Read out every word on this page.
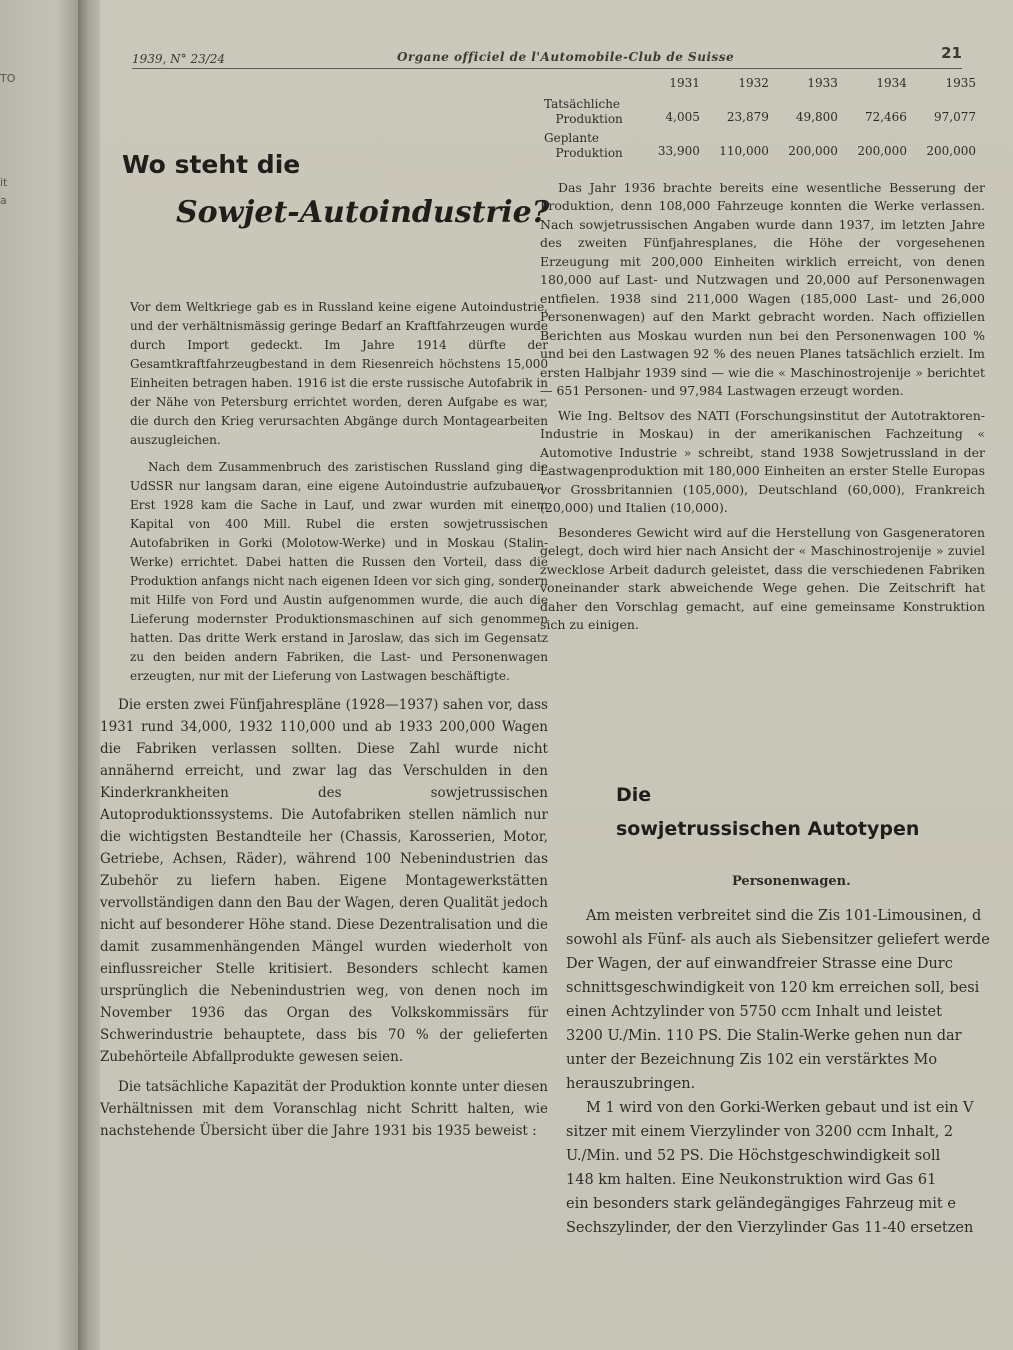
TO
it
a
1939, N° 23/24	Organe officiel de l'Automobile-Club de Suisse	21
Wo steht die
Sowjet-Autoindustrie?

Vor dem Weltkriege gab es in Russland keine eigene Autoindustrie, und der verhältnismässig geringe Bedarf an Kraftfahrzeugen wurde durch Import gedeckt. Im Jahre 1914 dürfte der Gesamtkraftfahrzeugbestand in dem Riesenreich höchstens 15,000 Einheiten betragen haben. 1916 ist die erste russische Autofabrik in der Nähe von Petersburg errichtet worden, deren Aufgabe es war, die durch den Krieg verursachten Abgänge durch Montagearbeiten auszugleichen.

Nach dem Zusammenbruch des zaristischen Russland ging die UdSSR nur langsam daran, eine eigene Autoindustrie aufzubauen. Erst 1928 kam die Sache in Lauf, und zwar wurden mit einem Kapital von 400 Mill. Rubel die ersten sowjetrussischen Autofabriken in Gorki (Molotow-Werke) und in Moskau (Stalin-Werke) errichtet. Dabei hatten die Russen den Vorteil, dass die Produktion anfangs nicht nach eigenen Ideen vor sich ging, sondern mit Hilfe von Ford und Austin aufgenommen wurde, die auch die Lieferung modernster Produktionsmaschinen auf sich genommen hatten. Das dritte Werk erstand in Jaroslaw, das sich im Gegensatz zu den beiden andern Fabriken, die Last- und Personenwagen erzeugten, nur mit der Lieferung von Lastwagen beschäftigte.

Die ersten zwei Fünfjahrespläne (1928—1937) sahen vor, dass 1931 rund 34,000, 1932 110,000 und ab 1933 200,000 Wagen die Fabriken verlassen sollten. Diese Zahl wurde nicht annähernd erreicht, und zwar lag das Verschulden in den Kinderkrankheiten des sowjetrussischen Autoproduktionssystems. Die Autofabriken stellen nämlich nur die wichtigsten Bestandteile her (Chassis, Karosserien, Motor, Getriebe, Achsen, Räder), während 100 Nebenindustrien das Zubehör zu liefern haben. Eigene Montagewerkstätten vervollständigen dann den Bau der Wagen, deren Qualität jedoch nicht auf besonderer Höhe stand. Diese Dezentralisation und die damit zusammenhängenden Mängel wurden wiederholt von einflussreicher Stelle kritisiert. Besonders schlecht kamen ursprünglich die Nebenindustrien weg, von denen noch im November 1936 das Organ des Volkskommissärs für Schwerindustrie behauptete, dass bis 70 % der gelieferten Zubehörteile Abfallprodukte gewesen seien.

Die tatsächliche Kapazität der Produktion konnte unter diesen Verhältnissen mit dem Voranschlag nicht Schritt halten, wie nachstehende Übersicht über die Jahre 1931 bis 1935 beweist :

	1931	1932	1933	1934	1935
Tatsächliche
Produktion	4,005	23,879	49,800	72,466	97,077
Geplante
Produktion	33,900	110,000	200,000	200,000	200,000

Das Jahr 1936 brachte bereits eine wesentliche Besserung der Produktion, denn 108,000 Fahrzeuge konnten die Werke verlassen. Nach sowjetrussischen Angaben wurde dann 1937, im letzten Jahre des zweiten Fünfjahresplanes, die Höhe der vorgesehenen Erzeugung mit 200,000 Einheiten wirklich erreicht, von denen 180,000 auf Last- und Nutzwagen und 20,000 auf Personenwagen entfielen. 1938 sind 211,000 Wagen (185,000 Last- und 26,000 Personenwagen) auf den Markt gebracht worden. Nach offiziellen Berichten aus Moskau wurden nun bei den Personenwagen 100 % und bei den Lastwagen 92 % des neuen Planes tatsächlich erzielt. Im ersten Halbjahr 1939 sind — wie die « Maschinostrojenije » berichtet — 651 Personen- und 97,984 Lastwagen erzeugt worden.

Wie Ing. Beltsov des NATI (Forschungsinstitut der Autotraktoren-Industrie in Moskau) in der amerikanischen Fachzeitung « Automotive Industrie » schreibt, stand 1938 Sowjetrussland in der Lastwagenproduktion mit 180,000 Einheiten an erster Stelle Europas vor Grossbritannien (105,000), Deutschland (60,000), Frankreich (20,000) und Italien (10,000).

Besonderes Gewicht wird auf die Herstellung von Gasgeneratoren gelegt, doch wird hier nach Ansicht der « Maschinostrojenije » zuviel zwecklose Arbeit dadurch geleistet, dass die verschiedenen Fabriken voneinander stark abweichende Wege gehen. Die Zeitschrift hat daher den Vorschlag gemacht, auf eine gemeinsame Konstruktion sich zu einigen.

Die
sowjetrussischen Autotypen
Personenwagen.
Am meisten verbreitet sind die Zis 101-Limousinen, d
sowohl als Fünf- als auch als Siebensitzer geliefert werde
Der Wagen, der auf einwandfreier Strasse eine Durc
schnittsgeschwindigkeit von 120 km erreichen soll, besi
einen Achtzylinder von 5750 ccm Inhalt und leistet
3200 U./Min. 110 PS. Die Stalin-Werke gehen nun dar
unter der Bezeichnung Zis 102 ein verstärktes Mo
herauszubringen.
M 1 wird von den Gorki-Werken gebaut und ist ein V
sitzer mit einem Vierzylinder von 3200 ccm Inhalt, 2
U./Min. und 52 PS. Die Höchstgeschwindigkeit soll
148 km halten. Eine Neukonstruktion wird Gas 61
ein besonders stark geländegängiges Fahrzeug mit e
Sechszylinder, der den Vierzylinder Gas 11-40 ersetzen
